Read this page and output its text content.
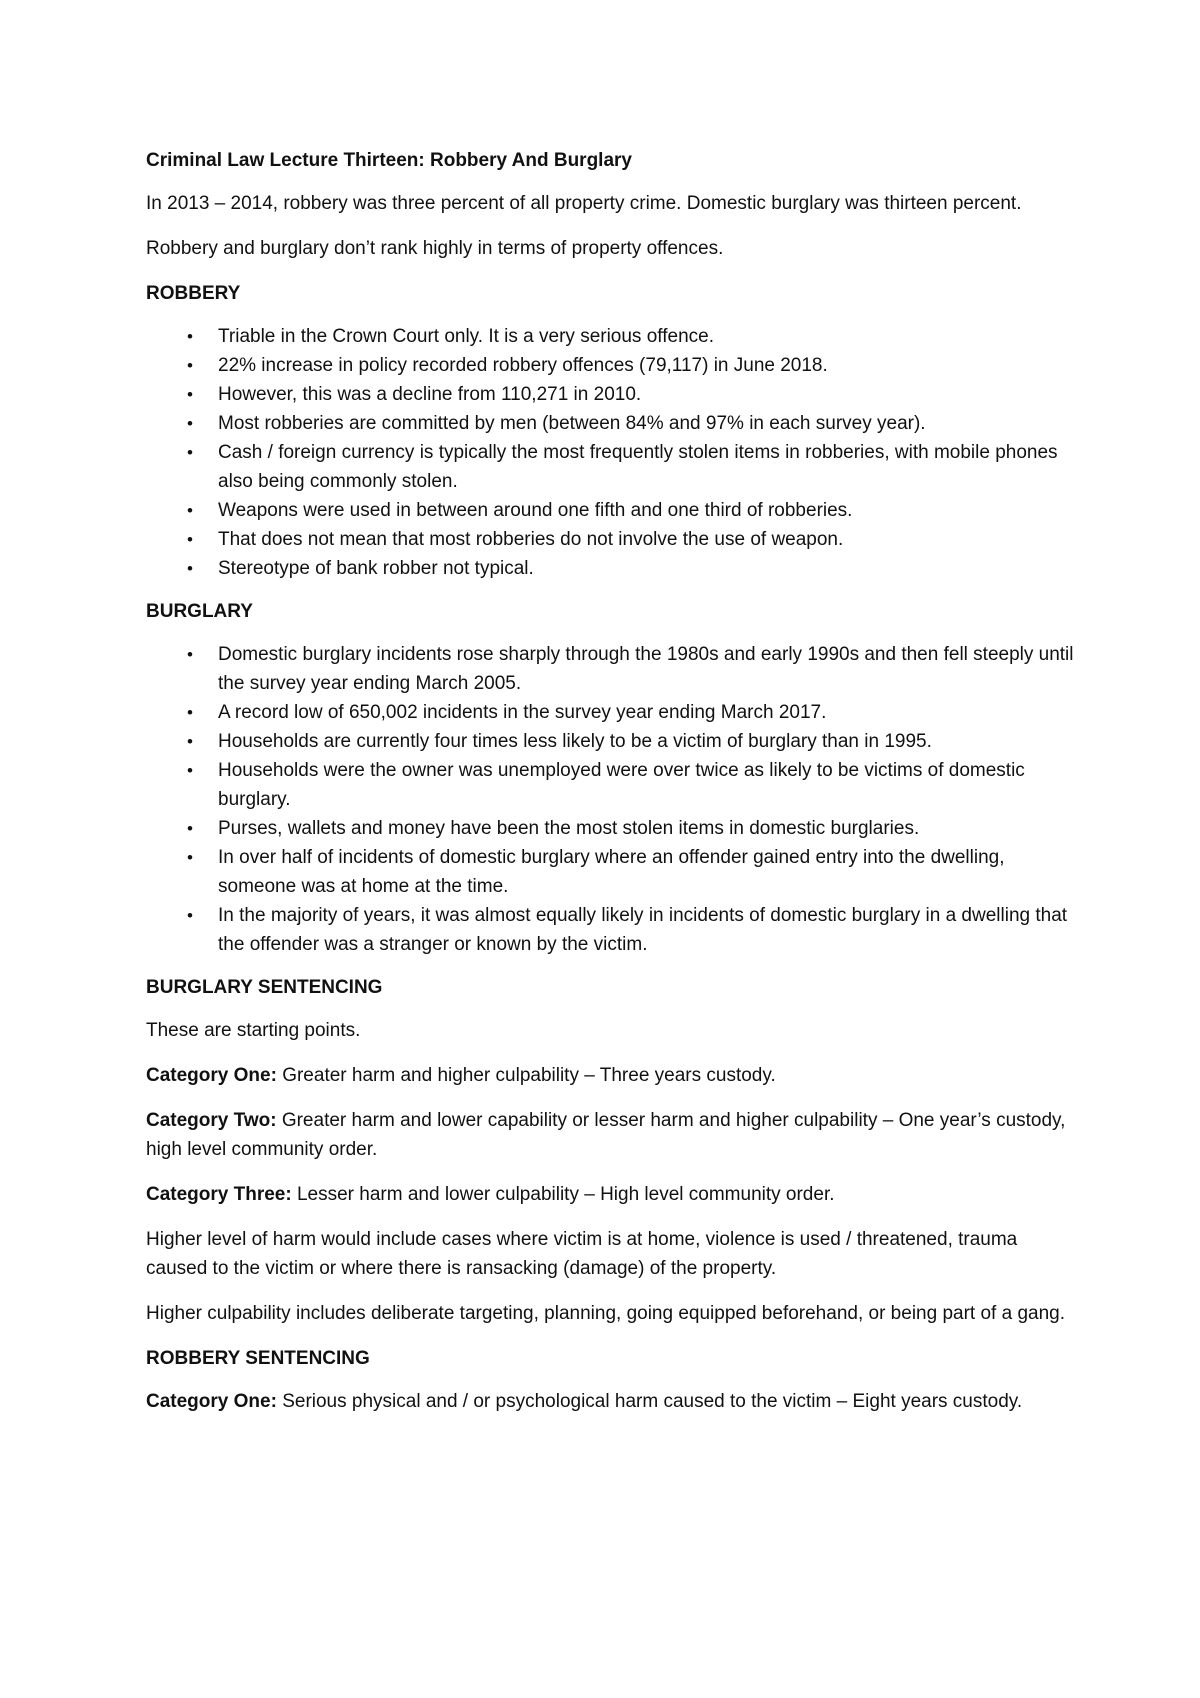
Criminal Law Lecture Thirteen: Robbery And Burglary

In 2013 – 2014, robbery was three percent of all property crime. Domestic burglary was thirteen percent.

Robbery and burglary don’t rank highly in terms of property offences.

ROBBERY

• Triable in the Crown Court only. It is a very serious offence.
• 22% increase in policy recorded robbery offences (79,117) in June 2018.
• However, this was a decline from 110,271 in 2010.
• Most robberies are committed by men (between 84% and 97% in each survey year).
• Cash / foreign currency is typically the most frequently stolen items in robberies, with mobile phones also being commonly stolen.
• Weapons were used in between around one fifth and one third of robberies.
• That does not mean that most robberies do not involve the use of weapon.
• Stereotype of bank robber not typical.

BURGLARY

• Domestic burglary incidents rose sharply through the 1980s and early 1990s and then fell steeply until the survey year ending March 2005.
• A record low of 650,002 incidents in the survey year ending March 2017.
• Households are currently four times less likely to be a victim of burglary than in 1995.
• Households were the owner was unemployed were over twice as likely to be victims of domestic burglary.
• Purses, wallets and money have been the most stolen items in domestic burglaries.
• In over half of incidents of domestic burglary where an offender gained entry into the dwelling, someone was at home at the time.
• In the majority of years, it was almost equally likely in incidents of domestic burglary in a dwelling that the offender was a stranger or known by the victim.

BURGLARY SENTENCING

These are starting points.

Category One: Greater harm and higher culpability – Three years custody.

Category Two: Greater harm and lower capability or lesser harm and higher culpability – One year’s custody, high level community order.

Category Three: Lesser harm and lower culpability – High level community order.

Higher level of harm would include cases where victim is at home, violence is used / threatened, trauma caused to the victim or where there is ransacking (damage) of the property.

Higher culpability includes deliberate targeting, planning, going equipped beforehand, or being part of a gang.

ROBBERY SENTENCING

Category One: Serious physical and / or psychological harm caused to the victim – Eight years custody.
